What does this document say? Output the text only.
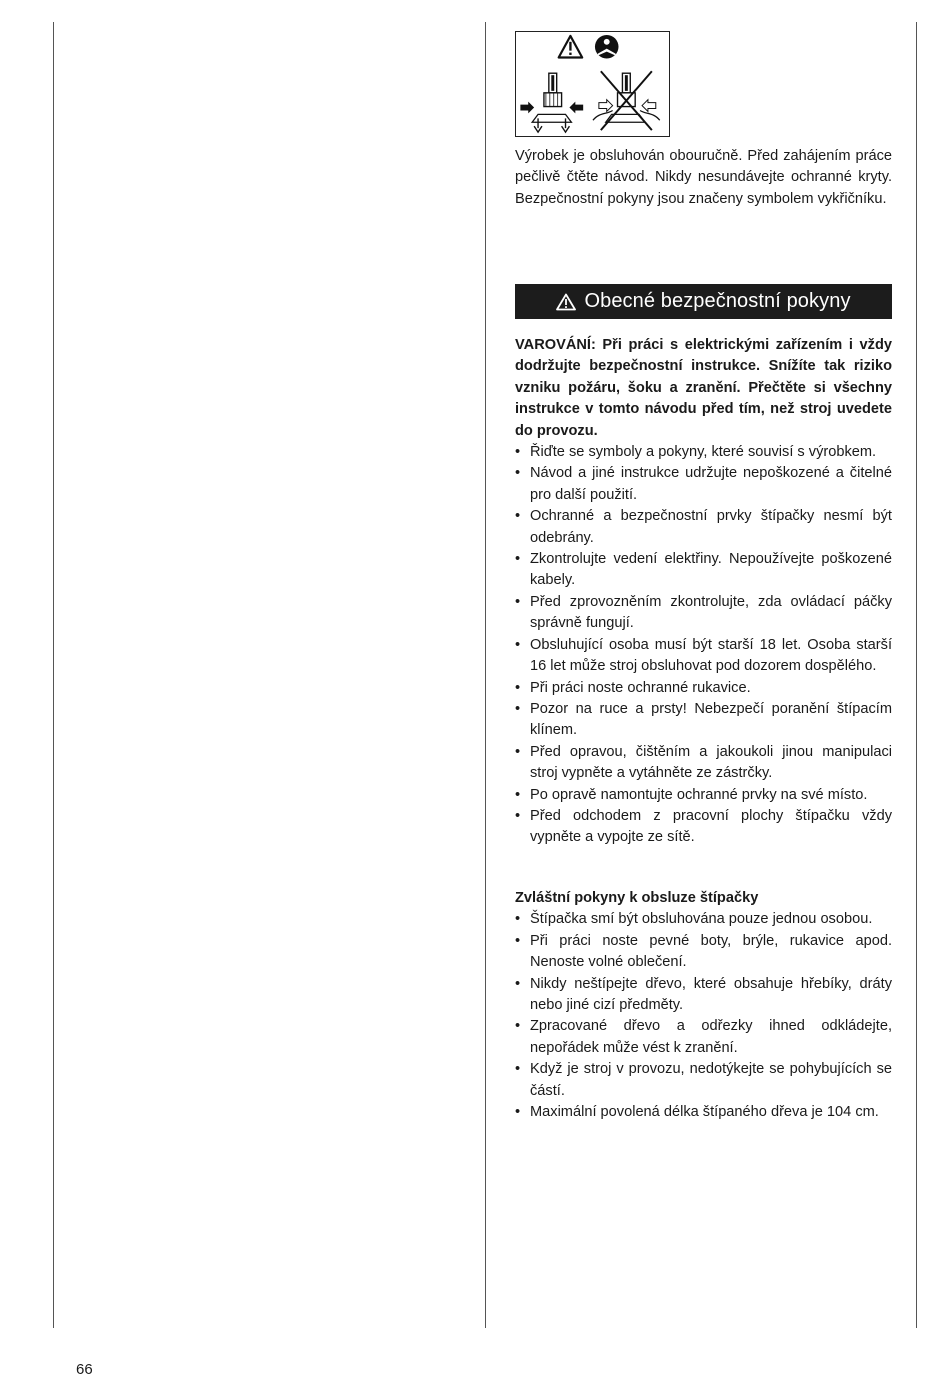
Výrobek je obsluhován obouručně. Před zahájením práce pečlivě čtěte návod. Nikdy nesundávejte ochranné kryty. Bezpečnostní pokyny jsou značeny symbolem vykřičníku.
Obecné bezpečnostní pokyny
VAROVÁNÍ: Při práci s elektrickými zařízením i vždy dodržujte bezpečnostní instrukce. Snížíte tak riziko vzniku požáru, šoku a zranění. Přečtěte si všechny instrukce v tomto návodu před tím, než stroj uvedete do provozu.
• Řiďte se symboly a pokyny, které souvisí s výrobkem.
• Návod a jiné instrukce udržujte nepoškozené a čitelné pro další použití.
• Ochranné a bezpečnostní prvky štípačky nesmí být odebrány.
• Zkontrolujte vedení elektřiny. Nepoužívejte poškozené kabely.
• Před zprovozněním zkontrolujte, zda ovládací páčky správně fungují.
• Obsluhující osoba musí být starší 18 let. Osoba starší 16 let může stroj obsluhovat pod dozorem dospělého.
• Při práci noste ochranné rukavice.
• Pozor na ruce a prsty! Nebezpečí poranění štípacím klínem.
• Před opravou, čištěním a jakoukoli jinou manipulaci stroj vypněte a vytáhněte ze zástrčky.
• Po opravě namontujte ochranné prvky na své místo.
• Před odchodem z pracovní plochy štípačku vždy vypněte a vypojte ze sítě.
Zvláštní pokyny k obsluze štípačky
• Štípačka smí být obsluhována pouze jednou osobou.
• Při práci noste pevné boty, brýle, rukavice apod. Nenoste volné oblečení.
• Nikdy neštípejte dřevo, které obsahuje hřebíky, dráty nebo jiné cizí předměty.
• Zpracované dřevo a odřezky ihned odkládejte, nepořádek může vést k zranění.
• Když je stroj v provozu, nedotýkejte se pohybujících se částí.
• Maximální povolená délka štípaného dřeva je 104 cm.
66
